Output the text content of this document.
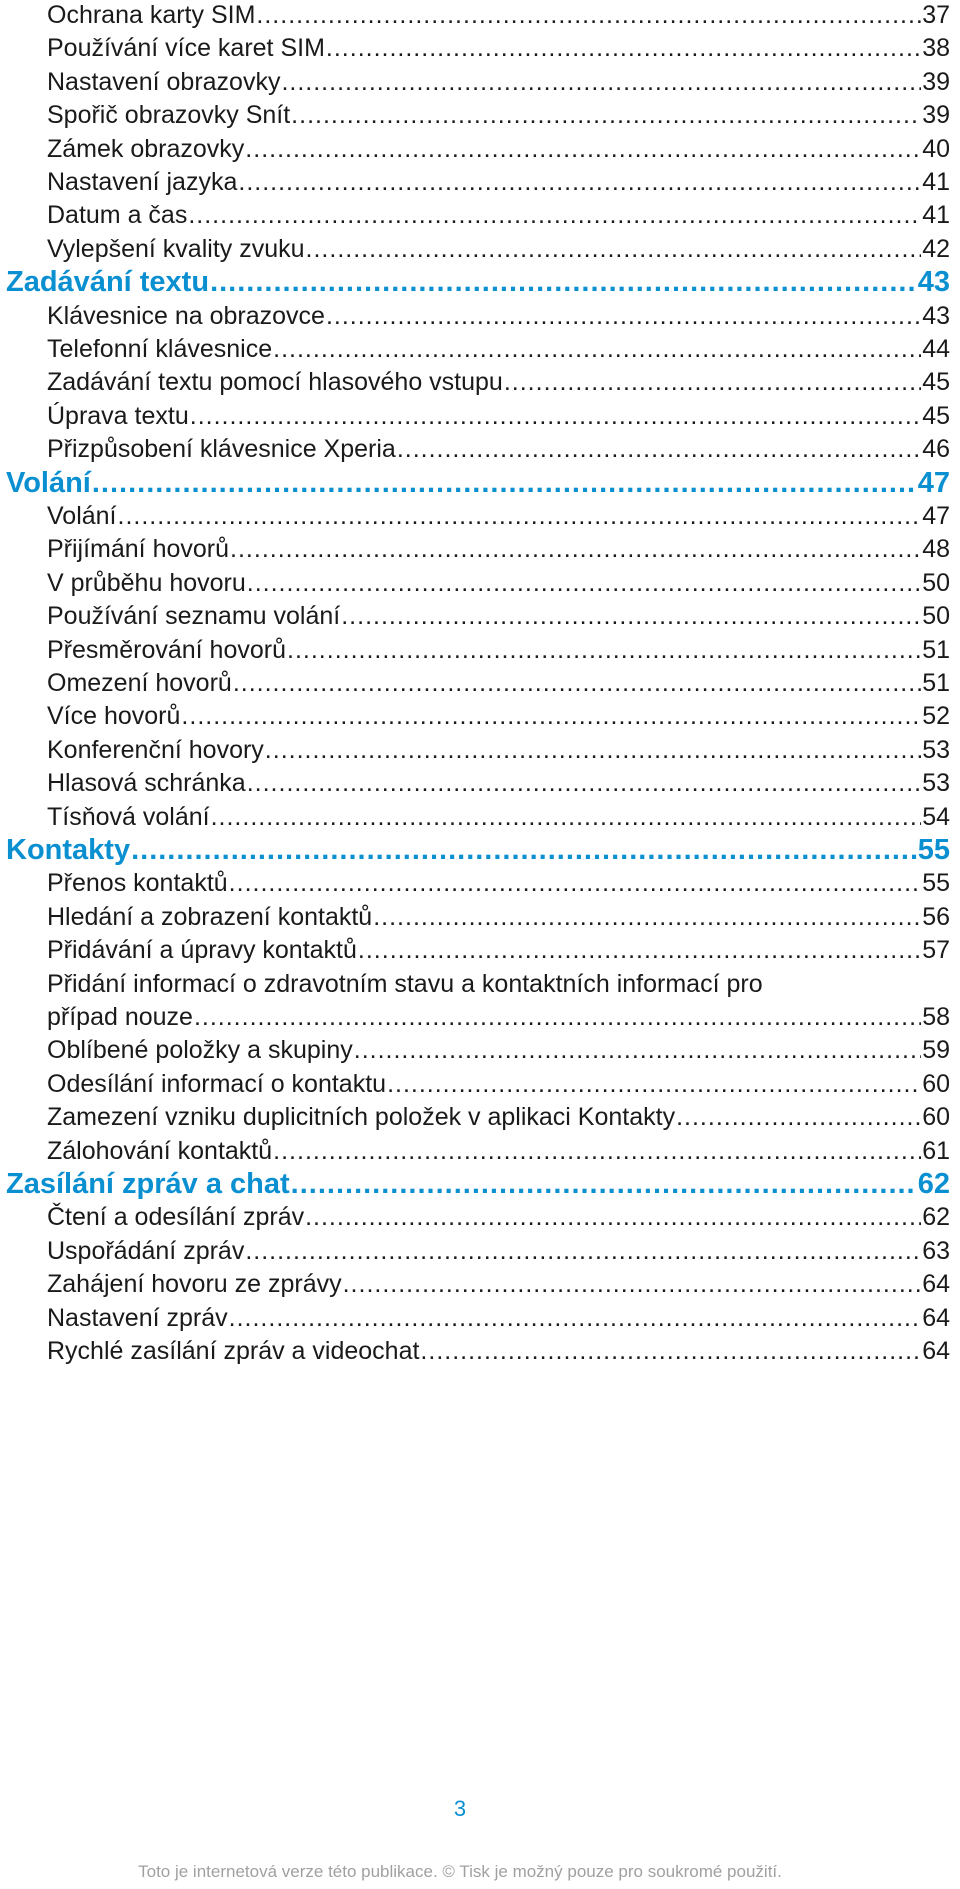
Ochrana karty SIM .....	37
Používání více karet SIM .....	38
Nastavení obrazovky .....	39
Spořič obrazovky Snít .....	39
Zámek obrazovky .....	40
Nastavení jazyka .....	41
Datum a čas .....	41
Vylepšení kvality zvuku .....	42
Zadávání textu .....	43
Klávesnice na obrazovce .....	43
Telefonní klávesnice .....	44
Zadávání textu pomocí hlasového vstupu .....	45
Úprava textu .....	45
Přizpůsobení klávesnice Xperia .....	46
Volání .....	47
Volání .....	47
Přijímání hovorů .....	48
V průběhu hovoru .....	50
Používání seznamu volání .....	50
Přesměrování hovorů .....	51
Omezení hovorů .....	51
Více hovorů .....	52
Konferenční hovory .....	53
Hlasová schránka .....	53
Tísňová volání .....	54
Kontakty .....	55
Přenos kontaktů .....	55
Hledání a zobrazení kontaktů .....	56
Přidávání a úpravy kontaktů .....	57
Přidání informací o zdravotním stavu a kontaktních informací pro
případ nouze .....	58
Oblíbené položky a skupiny .....	59
Odesílání informací o kontaktu .....	60
Zamezení vzniku duplicitních položek v aplikaci Kontakty .....	60
Zálohování kontaktů .....	61
Zasílání zpráv a chat .....	62
Čtení a odesílání zpráv .....	62
Uspořádání zpráv .....	63
Zahájení hovoru ze zprávy .....	64
Nastavení zpráv .....	64
Rychlé zasílání zpráv a videochat .....	64
3
Toto je internetová verze této publikace. © Tisk je možný pouze pro soukromé použití.
